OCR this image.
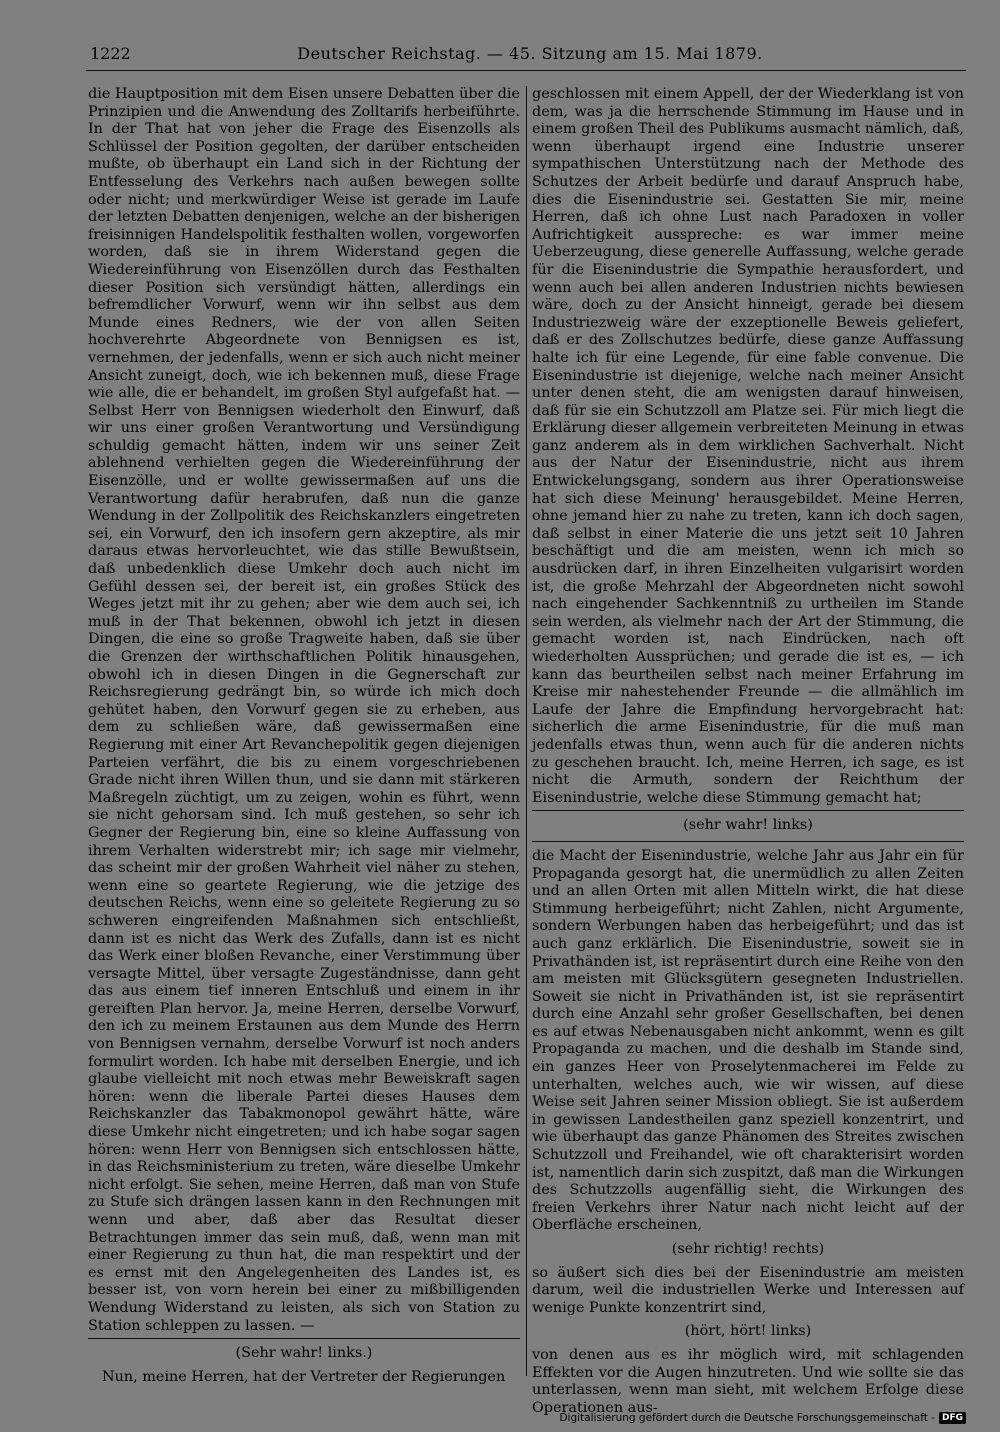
1222	Deutscher Reichstag. — 45. Sitzung am 15. Mai 1879.

die Hauptposition mit dem Eisen unsere Debatten über die Prinzipien und die Anwendung des Zolltarifs herbeiführte. In der That hat von jeher die Frage des Eisenzolls als Schlüssel der Position gegolten, der darüber entscheiden mußte, ob überhaupt ein Land sich in der Richtung der Entfesselung des Verkehrs nach außen bewegen sollte oder nicht; und merkwürdiger Weise ist gerade im Laufe der letzten Debatten denjenigen, welche an der bisherigen freisinnigen Handelspolitik festhalten wollen, vorgeworfen worden, daß sie in ihrem Widerstand gegen die Wiedereinführung von Eisenzöllen durch das Festhalten dieser Position sich versündigt hätten, allerdings ein befremdlicher Vorwurf, wenn wir ihn selbst aus dem Munde eines Redners, wie der von allen Seiten hochverehrte Abgeordnete von Bennigsen es ist, vernehmen, der jedenfalls, wenn er sich auch nicht meiner Ansicht zuneigt, doch, wie ich bekennen muß, diese Frage wie alle, die er behandelt, im großen Styl aufgefaßt hat. — Selbst Herr von Bennigsen wiederholt den Einwurf, daß wir uns einer großen Verantwortung und Versündigung schuldig gemacht hätten, indem wir uns seiner Zeit ablehnend verhielten gegen die Wiedereinführung der Eisenzölle, und er wollte gewissermaßen auf uns die Verantwortung dafür herabrufen, daß nun die ganze Wendung in der Zollpolitik des Reichskanzlers eingetreten sei, ein Vorwurf, den ich insofern gern akzeptire, als mir daraus etwas hervorleuchtet, wie das stille Bewußtsein, daß unbedenklich diese Umkehr doch auch nicht im Gefühl dessen sei, der bereit ist, ein großes Stück des Weges jetzt mit ihr zu gehen; aber wie dem auch sei, ich muß in der That bekennen, obwohl ich jetzt in diesen Dingen, die eine so große Tragweite haben, daß sie über die Grenzen der wirthschaftlichen Politik hinausgehen, obwohl ich in diesen Dingen in die Gegnerschaft zur Reichsregierung gedrängt bin, so würde ich mich doch gehütet haben, den Vorwurf gegen sie zu erheben, aus dem zu schließen wäre, daß gewissermaßen eine Regierung mit einer Art Revanchepolitik gegen diejenigen Parteien verfährt, die bis zu einem vorgeschriebenen Grade nicht ihren Willen thun, und sie dann mit stärkeren Maßregeln züchtigt, um zu zeigen, wohin es führt, wenn sie nicht gehorsam sind. Ich muß gestehen, so sehr ich Gegner der Regierung bin, eine so kleine Auffassung von ihrem Verhalten widerstrebt mir; ich sage mir vielmehr, das scheint mir der großen Wahrheit viel näher zu stehen, wenn eine so geartete Regierung, wie die jetzige des deutschen Reichs, wenn eine so geleitete Regierung zu so schweren eingreifenden Maßnahmen sich entschließt, dann ist es nicht das Werk des Zufalls, dann ist es nicht das Werk einer bloßen Revanche, einer Verstimmung über versagte Mittel, über versagte Zugeständnisse, dann geht das aus einem tief inneren Entschluß und einem in ihr gereiften Plan hervor. Ja, meine Herren, derselbe Vorwurf, den ich zu meinem Erstaunen aus dem Munde des Herrn von Bennigsen vernahm, derselbe Vorwurf ist noch anders formulirt worden. Ich habe mit derselben Energie, und ich glaube vielleicht mit noch etwas mehr Beweiskraft sagen hören: wenn die liberale Partei dieses Hauses dem Reichskanzler das Tabakmonopol gewährt hätte, wäre diese Umkehr nicht eingetreten; und ich habe sogar sagen hören: wenn Herr von Bennigsen sich entschlossen hätte, in das Reichsministerium zu treten, wäre dieselbe Umkehr nicht erfolgt. Sie sehen, meine Herren, daß man von Stufe zu Stufe sich drängen lassen kann in den Rechnungen mit wenn und aber, daß aber das Resultat dieser Betrachtungen immer das sein muß, daß, wenn man mit einer Regierung zu thun hat, die man respektirt und der es ernst mit den Angelegenheiten des Landes ist, es besser ist, von vorn herein bei einer zu mißbilligenden Wendung Widerstand zu leisten, als sich von Station zu Station schleppen zu lassen. —

(Sehr wahr! links.)

Nun, meine Herren, hat der Vertreter der Regierungen

geschlossen mit einem Appell, der der Wiederklang ist von dem, was ja die herrschende Stimmung im Hause und in einem großen Theil des Publikums ausmacht nämlich, daß, wenn überhaupt irgend eine Industrie unserer sympathischen Unterstützung nach der Methode des Schutzes der Arbeit bedürfe und darauf Anspruch habe, dies die Eisenindustrie sei. Gestatten Sie mir, meine Herren, daß ich ohne Lust nach Paradoxen in voller Aufrichtigkeit ausspreche: es war immer meine Ueberzeugung, diese generelle Auffassung, welche gerade für die Eisenindustrie die Sympathie herausfordert, und wenn auch bei allen anderen Industrien nichts bewiesen wäre, doch zu der Ansicht hinneigt, gerade bei diesem Industriezweig wäre der exzeptionelle Beweis geliefert, daß er des Zollschutzes bedürfe, diese ganze Auffassung halte ich für eine Legende, für eine fable convenue. Die Eisenindustrie ist diejenige, welche nach meiner Ansicht unter denen steht, die am wenigsten darauf hinweisen, daß für sie ein Schutzzoll am Platze sei. Für mich liegt die Erklärung dieser allgemein verbreiteten Meinung in etwas ganz anderem als in dem wirklichen Sachverhalt. Nicht aus der Natur der Eisenindustrie, nicht aus ihrem Entwickelungsgang, sondern aus ihrer Operationsweise hat sich diese Meinung' herausgebildet. Meine Herren, ohne jemand hier zu nahe zu treten, kann ich doch sagen, daß selbst in einer Materie die uns jetzt seit 10 Jahren beschäftigt und die am meisten, wenn ich mich so ausdrücken darf, in ihren Einzelheiten vulgarisirt worden ist, die große Mehrzahl der Abgeordneten nicht sowohl nach eingehender Sachkenntniß zu urtheilen im Stande sein werden, als vielmehr nach der Art der Stimmung, die gemacht worden ist, nach Eindrücken, nach oft wiederholten Aussprüchen; und gerade die ist es, — ich kann das beurtheilen selbst nach meiner Erfahrung im Kreise mir nahestehender Freunde — die allmählich im Laufe der Jahre die Empfindung hervorgebracht hat: sicherlich die arme Eisenindustrie, für die muß man jedenfalls etwas thun, wenn auch für die anderen nichts zu geschehen braucht. Ich, meine Herren, ich sage, es ist nicht die Armuth, sondern der Reichthum der Eisenindustrie, welche diese Stimmung gemacht hat;

(sehr wahr! links)

die Macht der Eisenindustrie, welche Jahr aus Jahr ein für Propaganda gesorgt hat, die unermüdlich zu allen Zeiten und an allen Orten mit allen Mitteln wirkt, die hat diese Stimmung herbeigeführt; nicht Zahlen, nicht Argumente, sondern Werbungen haben das herbeigeführt; und das ist auch ganz erklärlich. Die Eisenindustrie, soweit sie in Privathänden ist, ist repräsentirt durch eine Reihe von den am meisten mit Glücksgütern gesegneten Industriellen. Soweit sie nicht in Privathänden ist, ist sie repräsentirt durch eine Anzahl sehr großer Gesellschaften, bei denen es auf etwas Nebenausgaben nicht ankommt, wenn es gilt Propaganda zu machen, und die deshalb im Stande sind, ein ganzes Heer von Proselytenmacherei im Felde zu unterhalten, welches auch, wie wir wissen, auf diese Weise seit Jahren seiner Mission obliegt. Sie ist außerdem in gewissen Landestheilen ganz speziell konzentrirt, und wie überhaupt das ganze Phänomen des Streites zwischen Schutzzoll und Freihandel, wie oft charakterisirt worden ist, namentlich darin sich zuspitzt, daß man die Wirkungen des Schutzzolls augenfällig sieht, die Wirkungen des freien Verkehrs ihrer Natur nach nicht leicht auf der Oberfläche erscheinen,

(sehr richtig! rechts)

so äußert sich dies bei der Eisenindustrie am meisten darum, weil die industriellen Werke und Interessen auf wenige Punkte konzentrirt sind,

(hört, hört! links)

von denen aus es ihr möglich wird, mit schlagenden Effekten vor die Augen hinzutreten. Und wie sollte sie das unterlassen, wenn man sieht, mit welchem Erfolge diese Operationen aus-

Digitalisierung gefördert durch die Deutsche Forschungsgemeinschaft - DFG
